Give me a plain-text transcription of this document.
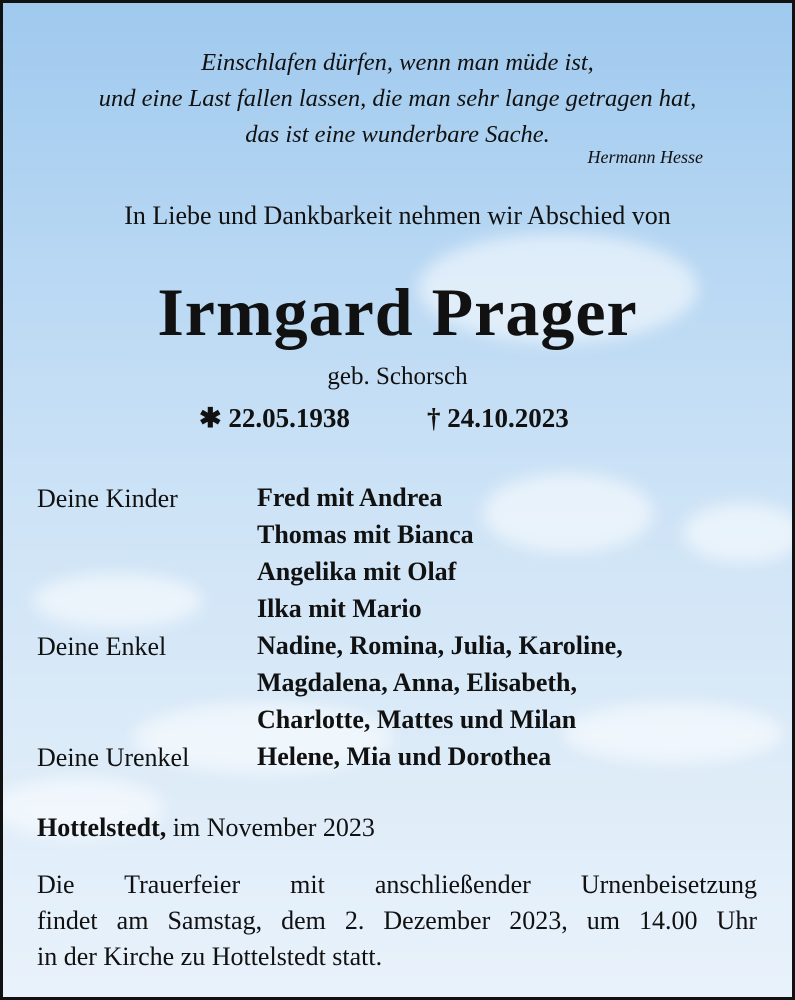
Einschlafen dürfen, wenn man müde ist,
und eine Last fallen lassen, die man sehr lange getragen hat,
das ist eine wunderbare Sache.
Hermann Hesse
In Liebe und Dankbarkeit nehmen wir Abschied von
Irmgard Prager
geb. Schorsch
✱ 22.05.1938	† 24.10.2023
Deine Kinder	Fred mit Andrea
Thomas mit Bianca
Angelika mit Olaf
Ilka mit Mario
Deine Enkel	Nadine, Romina, Julia, Karoline,
Magdalena, Anna, Elisabeth,
Charlotte, Mattes und Milan
Deine Urenkel	Helene, Mia und Dorothea
Hottelstedt, im November 2023
Die Trauerfeier mit anschließender Urnenbeisetzung
findet am Samstag, dem 2. Dezember 2023, um 14.00 Uhr
in der Kirche zu Hottelstedt statt.
